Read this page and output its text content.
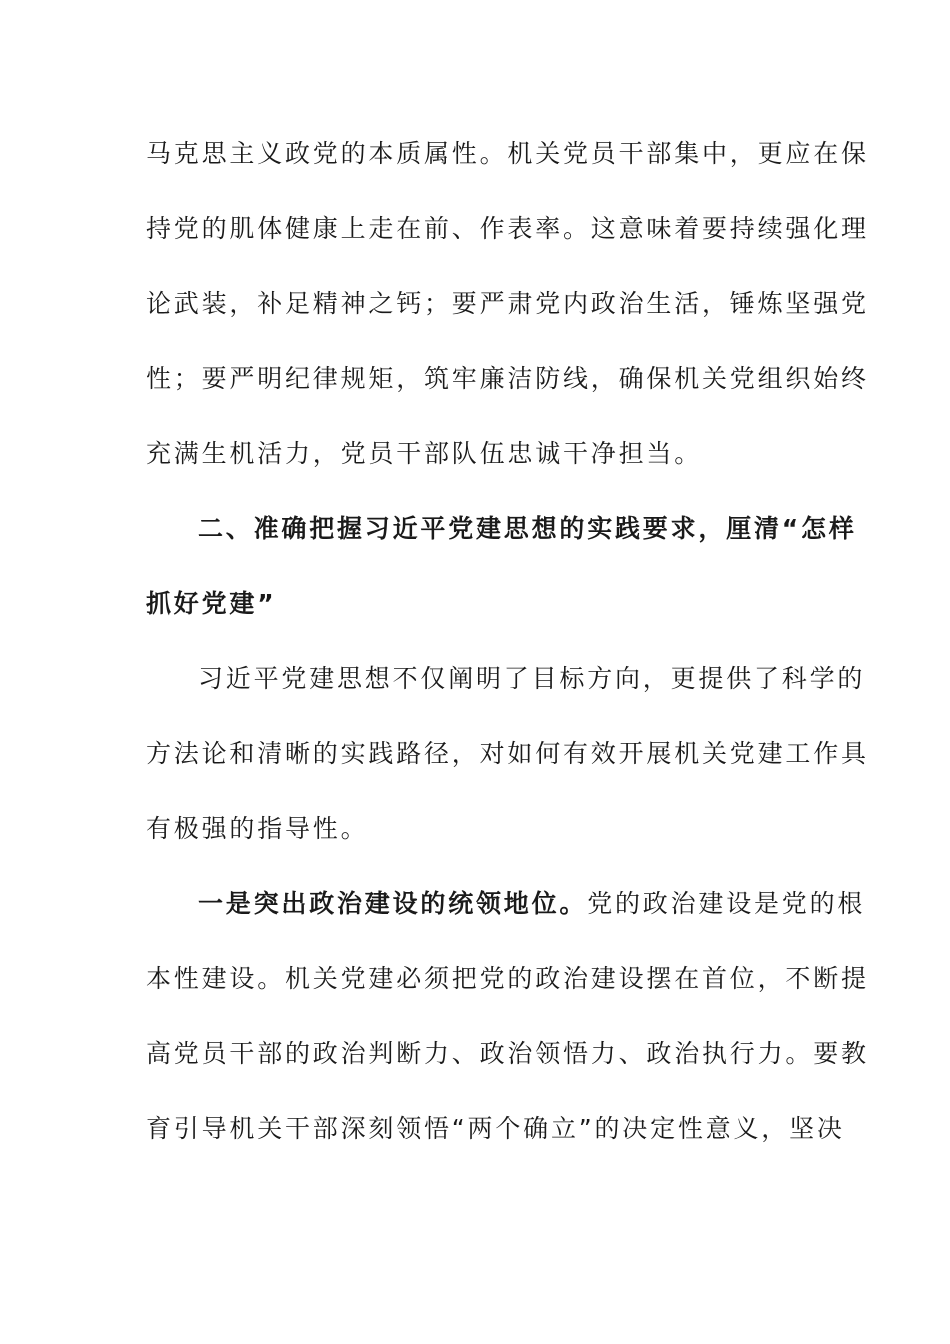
马克思主义政党的本质属性。机关党员干部集中，更应在保
持党的肌体健康上走在前、作表率。这意味着要持续强化理
论武装，补足精神之钙；要严肃党内政治生活，锤炼坚强党
性；要严明纪律规矩，筑牢廉洁防线，确保机关党组织始终
充满生机活力，党员干部队伍忠诚干净担当。
二、准确把握习近平党建思想的实践要求，厘清“怎样
抓好党建”
习近平党建思想不仅阐明了目标方向，更提供了科学的
方法论和清晰的实践路径，对如何有效开展机关党建工作具
有极强的指导性。
一是突出政治建设的统领地位。党的政治建设是党的根
本性建设。机关党建必须把党的政治建设摆在首位，不断提
高党员干部的政治判断力、政治领悟力、政治执行力。要教
育引导机关干部深刻领悟“两个确立”的决定性意义，坚决
